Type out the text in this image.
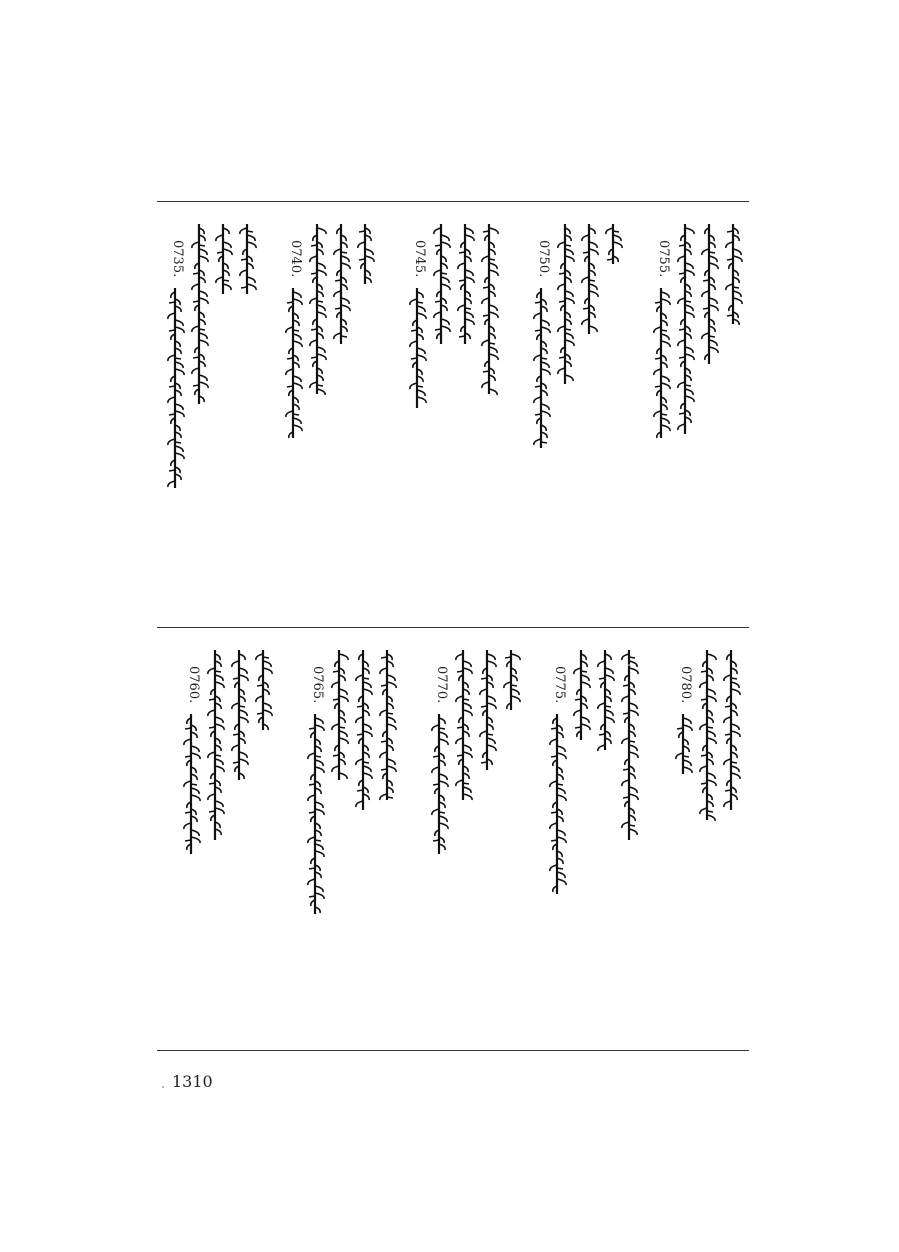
0735.	0740.	0745.	0750.	0755.
0760.	0765.	0770.	0775.	0780.
1310
